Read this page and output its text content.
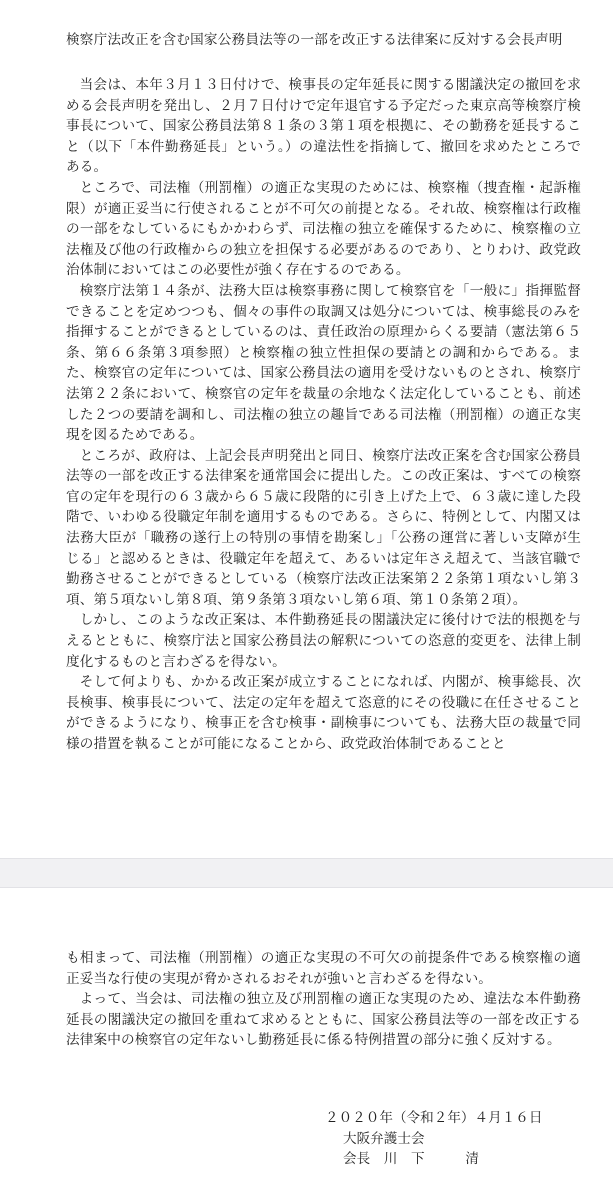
検察庁法改正を含む国家公務員法等の一部を改正する法律案に反対する会長声明

当会は、本年３月１３日付けで、検事長の定年延長に関する閣議決定の撤回を求める会長声明を発出し、２月７日付けで定年退官する予定だった東京高等検察庁検事長について、国家公務員法第８１条の３第１項を根拠に、その勤務を延長すること（以下「本件勤務延長」という。）の違法性を指摘して、撤回を求めたところである。

ところで、司法権（刑罰権）の適正な実現のためには、検察権（捜査権・起訴権限）が適正妥当に行使されることが不可欠の前提となる。それ故、検察権は行政権の一部をなしているにもかかわらず、司法権の独立を確保するために、検察権の立法権及び他の行政権からの独立を担保する必要があるのであり、とりわけ、政党政治体制においてはこの必要性が強く存在するのである。

検察庁法第１４条が、法務大臣は検察事務に関して検察官を「一般に」指揮監督できることを定めつつも、個々の事件の取調又は処分については、検事総長のみを指揮することができるとしているのは、責任政治の原理からくる要請（憲法第６５条、第６６条第３項参照）と検察権の独立性担保の要請との調和からである。また、検察官の定年については、国家公務員法の適用を受けないものとされ、検察庁法第２２条において、検察官の定年を裁量の余地なく法定化していることも、前述した２つの要請を調和し、司法権の独立の趣旨である司法権（刑罰権）の適正な実現を図るためである。

ところが、政府は、上記会長声明発出と同日、検察庁法改正案を含む国家公務員法等の一部を改正する法律案を通常国会に提出した。この改正案は、すべての検察官の定年を現行の６３歳から６５歳に段階的に引き上げた上で、６３歳に達した段階で、いわゆる役職定年制を適用するものである。さらに、特例として、内閣又は法務大臣が「職務の遂行上の特別の事情を勘案し」「公務の運営に著しい支障が生じる」と認めるときは、役職定年を超えて、あるいは定年さえ超えて、当該官職で勤務させることができるとしている（検察庁法改正法案第２２条第１項ないし第３項、第５項ないし第８項、第９条第３項ないし第６項、第１０条第２項）。

しかし、このような改正案は、本件勤務延長の閣議決定に後付けで法的根拠を与えるとともに、検察庁法と国家公務員法の解釈についての恣意的変更を、法律上制度化するものと言わざるを得ない。

そして何よりも、かかる改正案が成立することになれば、内閣が、検事総長、次長検事、検事長について、法定の定年を超えて恣意的にその役職に在任させることができるようになり、検事正を含む検事・副検事についても、法務大臣の裁量で同様の措置を執ることが可能になることから、政党政治体制であることと

も相まって、司法権（刑罰権）の適正な実現の不可欠の前提条件である検察権の適正妥当な行使の実現が脅かされるおそれが強いと言わざるを得ない。

よって、当会は、司法権の独立及び刑罰権の適正な実現のため、違法な本件勤務延長の閣議決定の撤回を重ねて求めるとともに、国家公務員法等の一部を改正する法律案中の検察官の定年ないし勤務延長に係る特例措置の部分に強く反対する。

２０２０年（令和２年）４月１６日
大阪弁護士会
会長　川　下　　　清
